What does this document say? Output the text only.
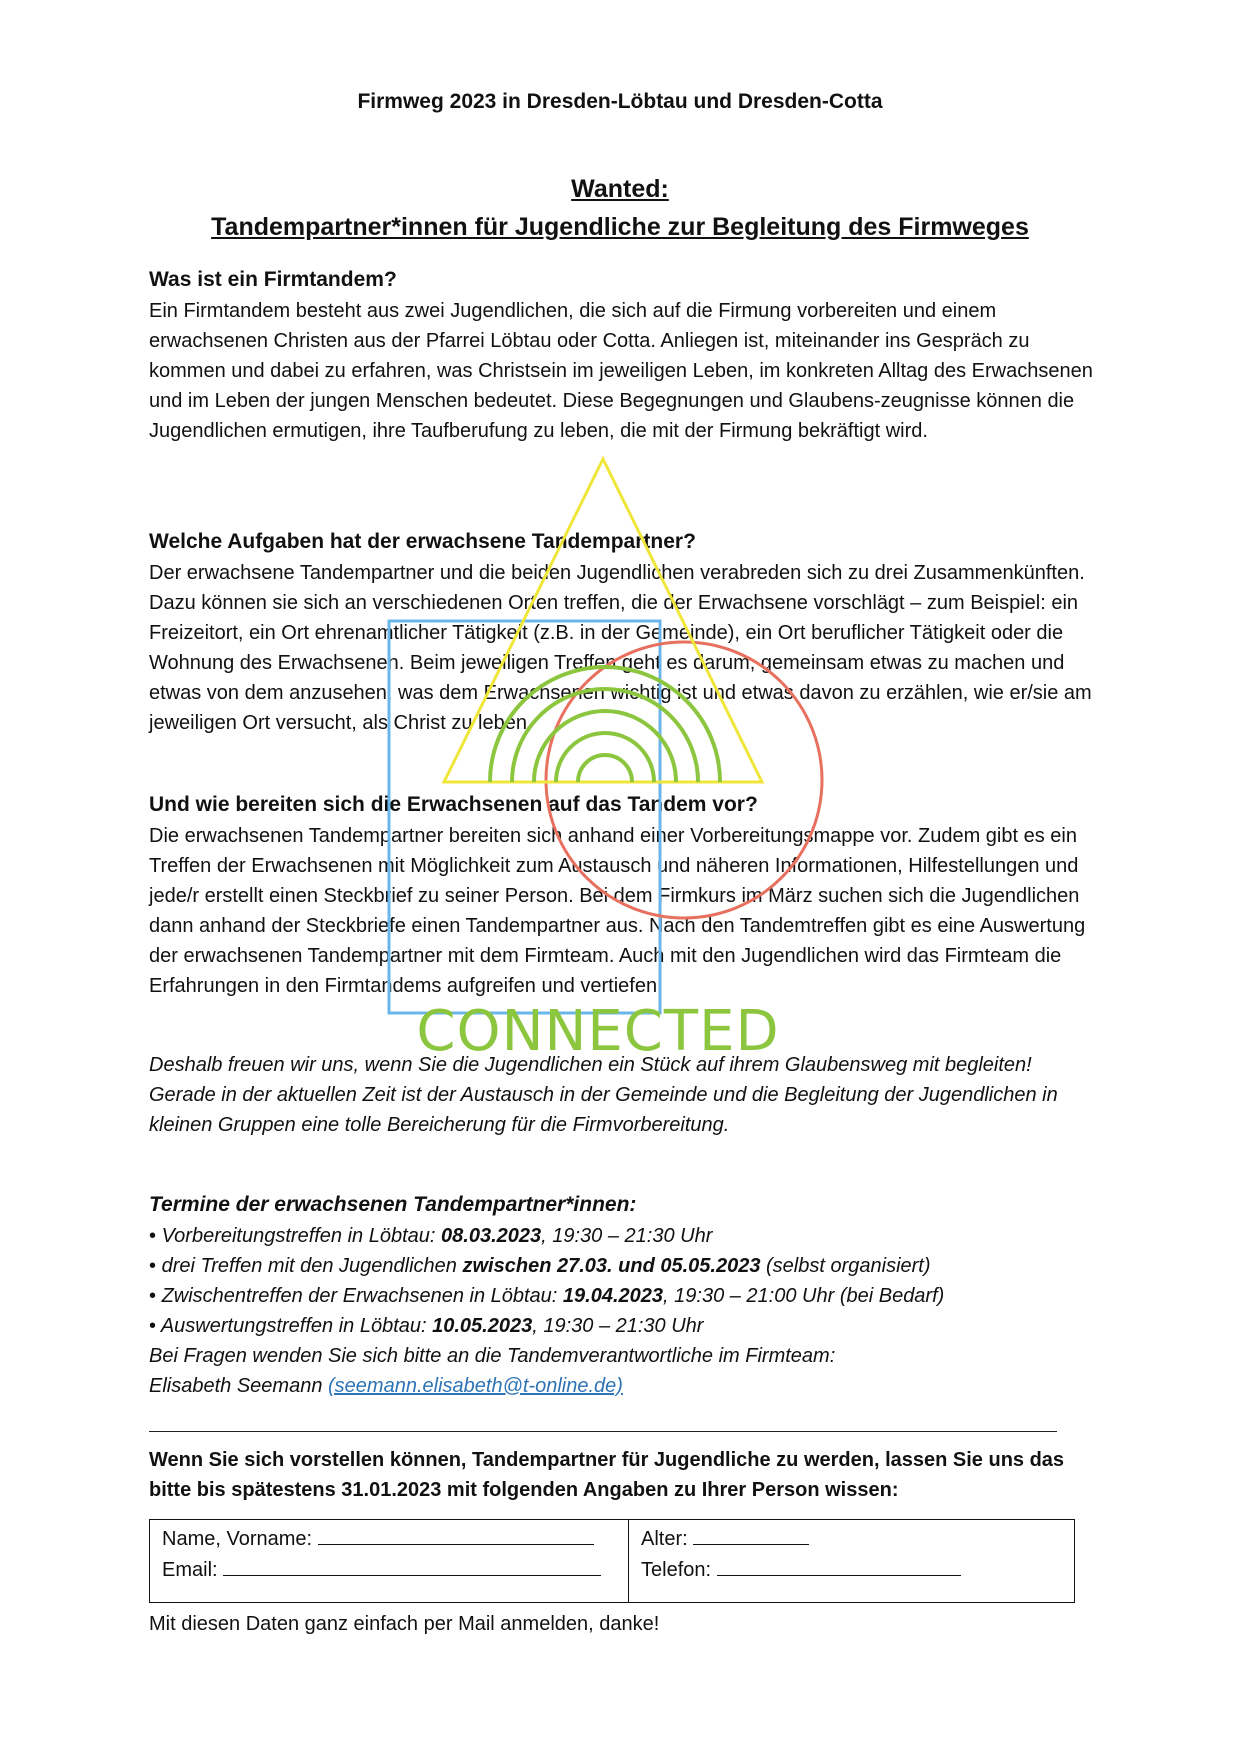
Firmweg 2023 in Dresden-Löbtau und Dresden-Cotta
Wanted:
Tandempartner*innen für Jugendliche zur Begleitung des Firmweges
Was ist ein Firmtandem?

Ein Firmtandem besteht aus zwei Jugendlichen, die sich auf die Firmung vorbereiten und einem erwachsenen Christen aus der Pfarrei Löbtau oder Cotta. Anliegen ist, miteinander ins Gespräch zu kommen und dabei zu erfahren, was Christsein im jeweiligen Leben, im konkreten Alltag des Erwachsenen und im Leben der jungen Menschen bedeutet. Diese Begegnungen und Glaubens-zeugnisse können die Jugendlichen ermutigen, ihre Taufberufung zu leben, die mit der Firmung bekräftigt wird.

Welche Aufgaben hat der erwachsene Tandempartner?

Der erwachsene Tandempartner und die beiden Jugendlichen verabreden sich zu drei Zusammenkünften. Dazu können sie sich an verschiedenen Orten treffen, die der Erwachsene vorschlägt – zum Beispiel: ein Freizeitort, ein Ort ehrenamtlicher Tätigkeit (z.B. in der Gemeinde), ein Ort beruflicher Tätigkeit oder die Wohnung des Erwachsenen. Beim jeweiligen Treffen geht es darum, gemeinsam etwas zu machen und etwas von dem anzusehen, was dem Erwachsenen wichtig ist und etwas davon zu erzählen, wie er/sie am jeweiligen Ort versucht, als Christ zu leben.

Und wie bereiten sich die Erwachsenen auf das Tandem vor?

Die erwachsenen Tandempartner bereiten sich anhand einer Vorbereitungsmappe vor. Zudem gibt es ein Treffen der Erwachsenen mit Möglichkeit zum Austausch und näheren Informationen, Hilfestellungen und jede/r erstellt einen Steckbrief zu seiner Person. Bei dem Firmkurs im März suchen sich die Jugendlichen dann anhand der Steckbriefe einen Tandempartner aus. Nach den Tandemtreffen gibt es eine Auswertung der erwachsenen Tandempartner mit dem Firmteam. Auch mit den Jugendlichen wird das Firmteam die Erfahrungen in den Firmtandems aufgreifen und vertiefen.

Deshalb freuen wir uns, wenn Sie die Jugendlichen ein Stück auf ihrem Glaubensweg mit begleiten! Gerade in der aktuellen Zeit ist der Austausch in der Gemeinde und die Begleitung der Jugendlichen in kleinen Gruppen eine tolle Bereicherung für die Firmvorbereitung.

Termine der erwachsenen Tandempartner*innen:
• Vorbereitungstreffen in Löbtau: 08.03.2023, 19:30 – 21:30 Uhr
• drei Treffen mit den Jugendlichen zwischen 27.03. und 05.05.2023 (selbst organisiert)
• Zwischentreffen der Erwachsenen in Löbtau: 19.04.2023, 19:30 – 21:00 Uhr (bei Bedarf)
• Auswertungstreffen in Löbtau: 10.05.2023, 19:30 – 21:30 Uhr

Bei Fragen wenden Sie sich bitte an die Tandemverantwortliche im Firmteam:

Elisabeth Seemann (seemann.elisabeth@t-online.de)

Wenn Sie sich vorstellen können, Tandempartner für Jugendliche zu werden, lassen Sie uns das bitte bis spätestens 31.01.2023 mit folgenden Angaben zu Ihrer Person wissen:
Name, Vorname:
Email:
Alter:
Telefon:
Mit diesen Daten ganz einfach per Mail anmelden, danke!
CONNECTED
